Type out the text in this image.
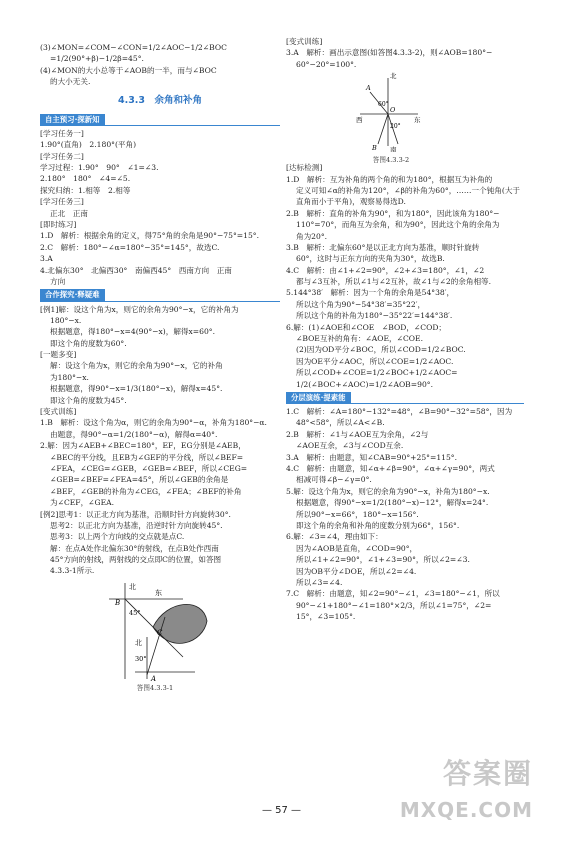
(3)∠MON=∠COM−∠CON=1/2∠AOC−1/2∠BOC
=1/2(90°+β)−1/2β=45°.
(4)∠MON的大小总等于∠AOB的一半，而与∠BOC
的大小无关.
4.3.3　余角和补角
自主预习·探新知
[学习任务一]
1.90°(直角)　2.180°(平角)
[学习任务二]
学习过程：1.90°　90°　∠1=∠3.
2.180°　180°　∠4=∠5.
探究归纳：1.相等　2.相等
[学习任务三]
正北　正南
[即时练习]
1.D　解析：根据余角的定义，得75°角的余角是90°−75°=15°.
2.C　解析：180°−∠α=180°−35°=145°，故选C.
3.A
4.北偏东30°　北偏西30°　南偏西45°　西南方向　正南
方向
合作探究·释疑难
[例1]解：设这个角为x，则它的余角为90°−x，它的补角为
180°−x.
根据题意，得180°−x=4(90°−x)，解得x=60°.
即这个角的度数为60°.
[一题多变]
解：设这个角为x，则它的余角为90°−x，它的补角
为180°−x.
根据题意，得90°−x=1/3(180°−x)，解得x=45°.
即这个角的度数为45°.
[变式训练]
1.B　解析：设这个角为α，则它的余角为90°−α，补角为180°−α.
由题意，得90°−α=1/2(180°−α)，解得α=40°.
2.解：因为∠AEB+∠BEC=180°，EF，EG分别是∠AEB，
∠BEC的平分线，且EB为∠GEF的平分线，所以∠BEF=
∠FEA，∠CEG=∠GEB，∠GEB=∠BEF，所以∠CEG=
∠GEB=∠BEF=∠FEA=45°，所以∠GEB的余角是
∠BEF，∠GEB的补角为∠CEG，∠FEA；∠BEF的补角
为∠CEF，∠GEA.
[例2]思考1：以正北方向为基准，沿顺时针方向旋转30°.
思考2：以正北方向为基准，沿逆时针方向旋转45°.
思考3：以上两个方向线的交点就是点C.
解：在点A处作北偏东30°的射线，在点B处作西南
45°方向的射线，两射线的交点即C的位置，如答图
4.3.3-1所示.
北
东
B
A
C
北
45°
30°
答图4.3.3-1
[变式训练]
3.A　解析：画出示意图(如答图4.3.3-2)，则∠AOB=180°−
60°−20°=100°.
北
西	东
南
A
B
O
60°
20°
答图4.3.3-2
[达标检测]
1.D　解析：互为补角的两个角的和为180°，根据互为补角的
定义可知∠α的补角为120°，∠β的补角为60°，……一个钝角(大于
直角而小于平角)，观察易得选D.
2.B　解析：直角的补角为90°，和为180°，因此该角为180°−
110°=70°，而角互为余角，和为90°，因此这个角的余角为
角为20°.
3.B　解析：北偏东60°是以正北方向为基准，顺时针旋转
60°，这时与正东方向的夹角为30°，故选B.
4.C　解析：由∠1+∠2=90°，∠2+∠3=180°，∠1，∠2
都与∠3互补，所以∠1与∠2互补，故∠1与∠2的余角相等.
5.144°38′　解析：因为一个角的余角是54°38′，
所以这个角为90°−54°38′=35°22′，
所以这个角的补角为180°−35°22′=144°38′.
6.解：(1)∠AOE和∠COE　∠BOD，∠COD；
∠BOE互补的角有：∠AOE，∠COE.
(2)因为OD平分∠BOC，所以∠COD=1/2∠BOC.
因为OE平分∠AOC，所以∠COE=1/2∠AOC.
所以∠COD+∠COE=1/2∠BOC+1/2∠AOC=
1/2(∠BOC+∠AOC)=1/2∠AOB=90°.
分层演练·提素能
1.C　解析：∠A=180°−132°=48°，∠B=90°−32°=58°，因为
48°<58°，所以∠A<∠B.
2.B　解析：∠1与∠AOE互为余角，∠2与
∠AOE互余，∠3与∠COD互余.
3.A　解析：由题意，知∠CAB=90°+25°=115°.
4.C　解析：由题意，知∠α+∠β=90°，∠α+∠γ=90°，两式
相减可得∠β−∠γ=0°.
5.解：设这个角为x，则它的余角为90°−x，补角为180°−x.
根据题意，得90°−x=1/2(180°−x)−12°，解得x=24°.
所以90°−x=66°，180°−x=156°.
即这个角的余角和补角的度数分别为66°，156°.
6.解：∠3=∠4，理由如下：
因为∠AOB是直角，∠COD=90°，
所以∠1+∠2=90°，∠1+∠3=90°，所以∠2=∠3.
因为OB平分∠DOE，所以∠2=∠4.
所以∠3=∠4.
7.C　解析：由题意，知∠2=90°−∠1，∠3=180°−∠1，所以
90°−∠1+180°−∠1=180°×2/3，所以∠1=75°，∠2=
15°，∠3=105°.
— 57 —
答案圈
MXQE.COM
